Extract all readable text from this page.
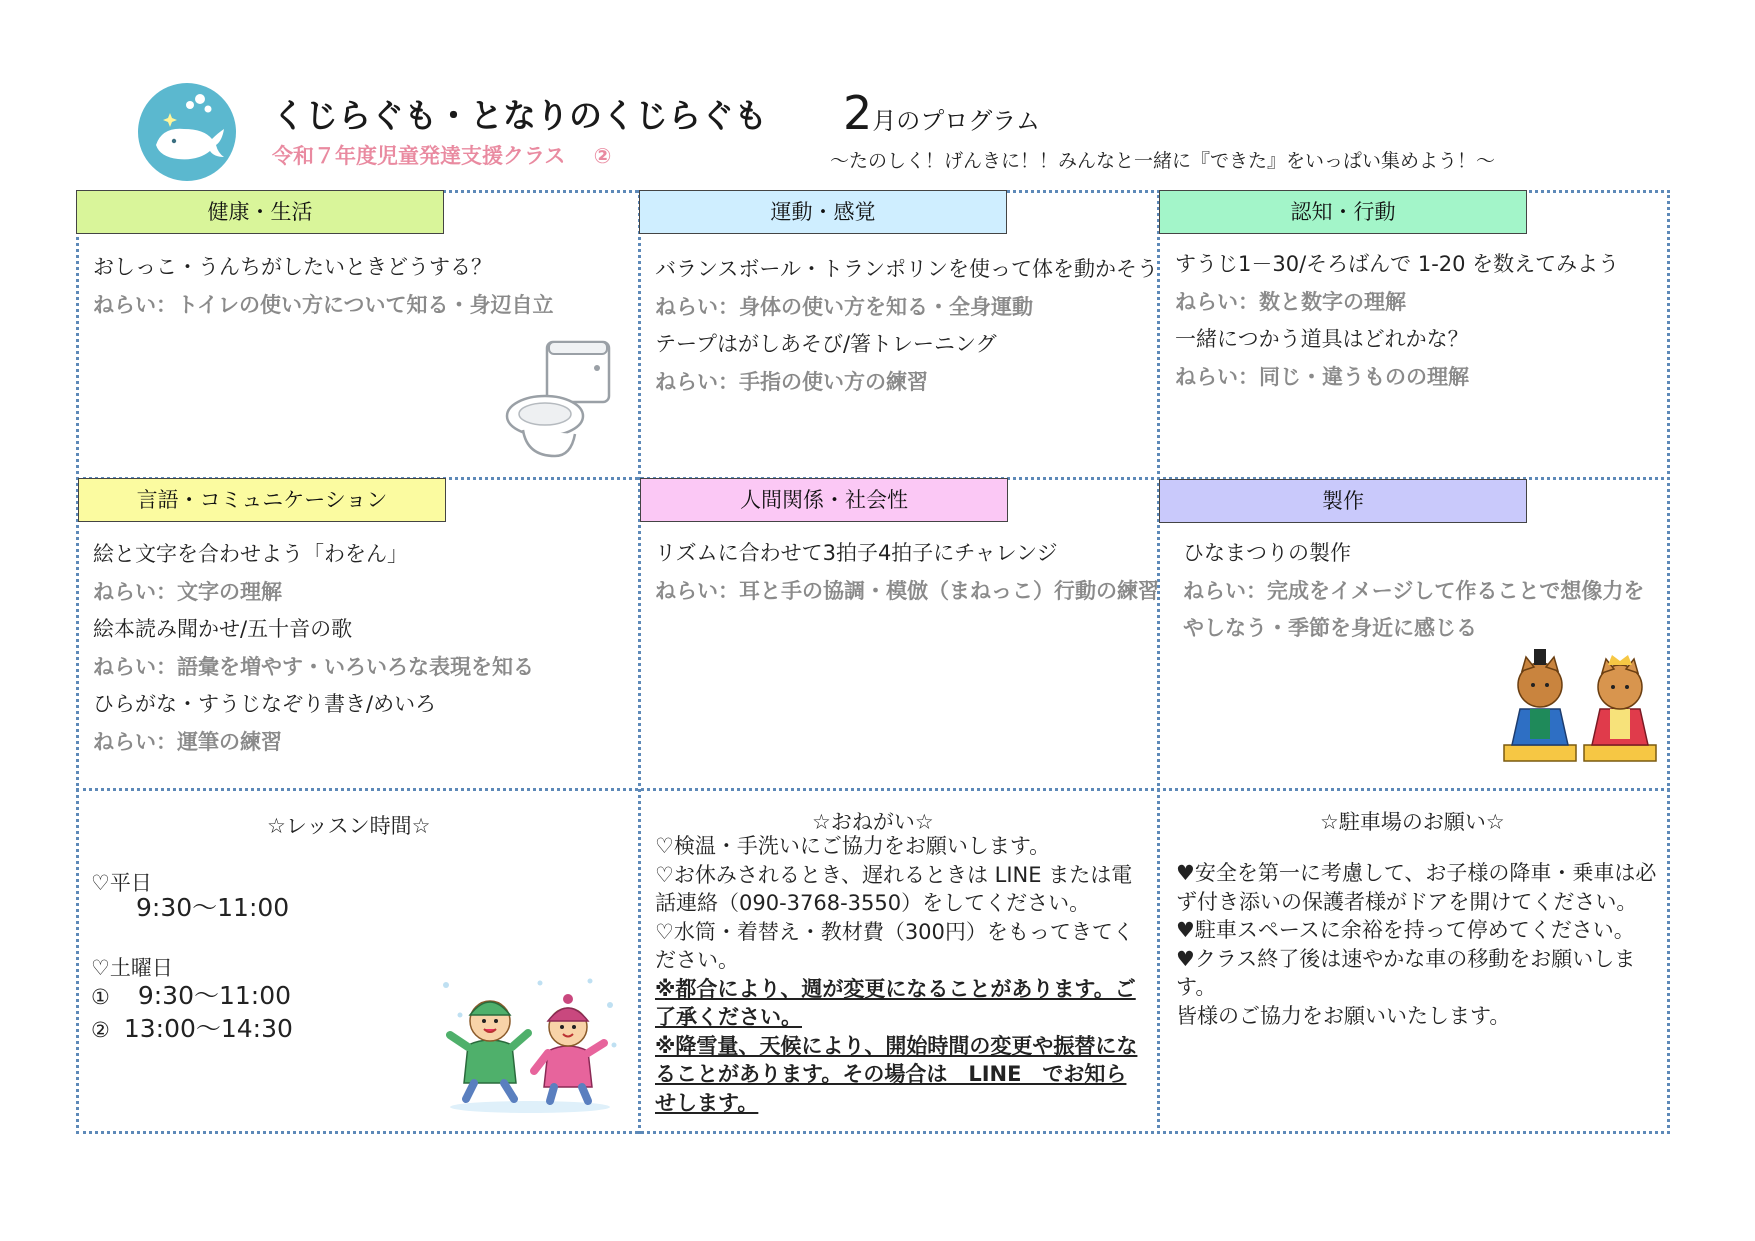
くじらぐも・となりのくじらぐも
令和７年度児童発達支援クラス　 ②
2月のプログラム
～たのしく！げんきに！！みんなと一緒に『できた』をいっぱい集めよう！～
健康・生活
おしっこ・うんちがしたいときどうする？
ねらい：トイレの使い方について知る・身辺自立
運動・感覚
バランスボール・トランポリンを使って体を動かそう
ねらい：身体の使い方を知る・全身運動
テープはがしあそび/箸トレーニング
ねらい：手指の使い方の練習
認知・行動
すうじ1－30/そろばんで 1-20 を数えてみよう
ねらい：数と数字の理解
一緒につかう道具はどれかな？
ねらい：同じ・違うものの理解
言語・コミュニケーション
絵と文字を合わせよう「わをん」
ねらい：文字の理解
絵本読み聞かせ/五十音の歌
ねらい：語彙を増やす・いろいろな表現を知る
ひらがな・すうじなぞり書き/めいろ
ねらい：運筆の練習
人間関係・社会性
リズムに合わせて3拍子4拍子にチャレンジ
ねらい：耳と手の協調・模倣（まねっこ）行動の練習
製作
ひなまつりの製作
ねらい：完成をイメージして作ることで想像力を
やしなう・季節を身近に感じる
☆レッスン時間☆
♡平日
9:30～11:00
♡土曜日
① 9:30～11:00
② 13:00～14:30
☆おねがい☆
♡検温・手洗いにご協力をお願いします。
♡お休みされるとき、遅れるときは LINE または電話連絡（090-3768-3550）をしてください。
♡水筒・着替え・教材費（300円）をもってきてください。
※都合により、週が変更になることがあります。ご了承ください。
※降雪量、天候により、開始時間の変更や振替になることがあります。その場合は　LINE　でお知らせします。
☆駐車場のお願い☆
♥安全を第一に考慮して、お子様の降車・乗車は必ず付き添いの保護者様がドアを開けてください。
♥駐車スペースに余裕を持って停めてください。
♥クラス終了後は速やかな車の移動をお願いします。
皆様のご協力をお願いいたします。
